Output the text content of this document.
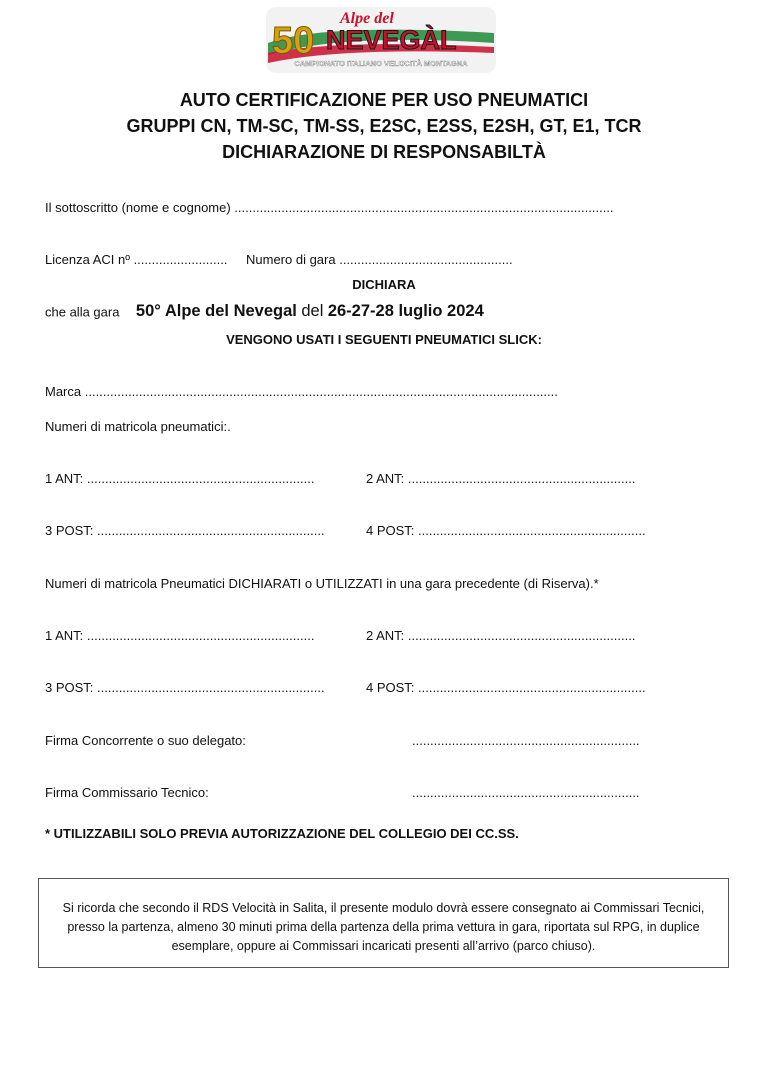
50
Alpe del
NEVEGÀL
CAMPIONATO ITALIANO VELOCITÀ MONTAGNA
AUTO CERTIFICAZIONE PER USO PNEUMATICI
GRUPPI CN, TM-SC, TM-SS, E2SC, E2SS, E2SH, GT, E1, TCR
DICHIARAZIONE DI RESPONSABILTÀ
Il sottoscritto (nome e cognome) .........................................................................................................
Licenza ACI nº .......................... Numero di gara ................................................
DICHIARA
che alla gara 50° Alpe del Nevegal del 26-27-28 luglio 2024
VENGONO USATI I SEGUENTI PNEUMATICI SLICK:
Marca ...................................................................................................................................
Numeri di matricola pneumatici:.
1 ANT: ...............................................................	2 ANT: ...............................................................
3 POST: ...............................................................	4 POST: ...............................................................
Numeri di matricola Pneumatici DICHIARATI o UTILIZZATI in una gara precedente (di Riserva).*
1 ANT: ...............................................................	2 ANT: ...............................................................
3 POST: ...............................................................	4 POST: ...............................................................
Firma Concorrente o suo delegato:	...............................................................
Firma Commissario Tecnico:	...............................................................
* UTILIZZABILI SOLO PREVIA AUTORIZZAZIONE DEL COLLEGIO DEI CC.SS.
Si ricorda che secondo il RDS Velocità in Salita, il presente modulo dovrà essere consegnato ai Commissari Tecnici, presso la partenza, almeno 30 minuti prima della partenza della prima vettura in gara, riportata sul RPG, in duplice esemplare, oppure ai Commissari incaricati presenti all’arrivo (parco chiuso).
